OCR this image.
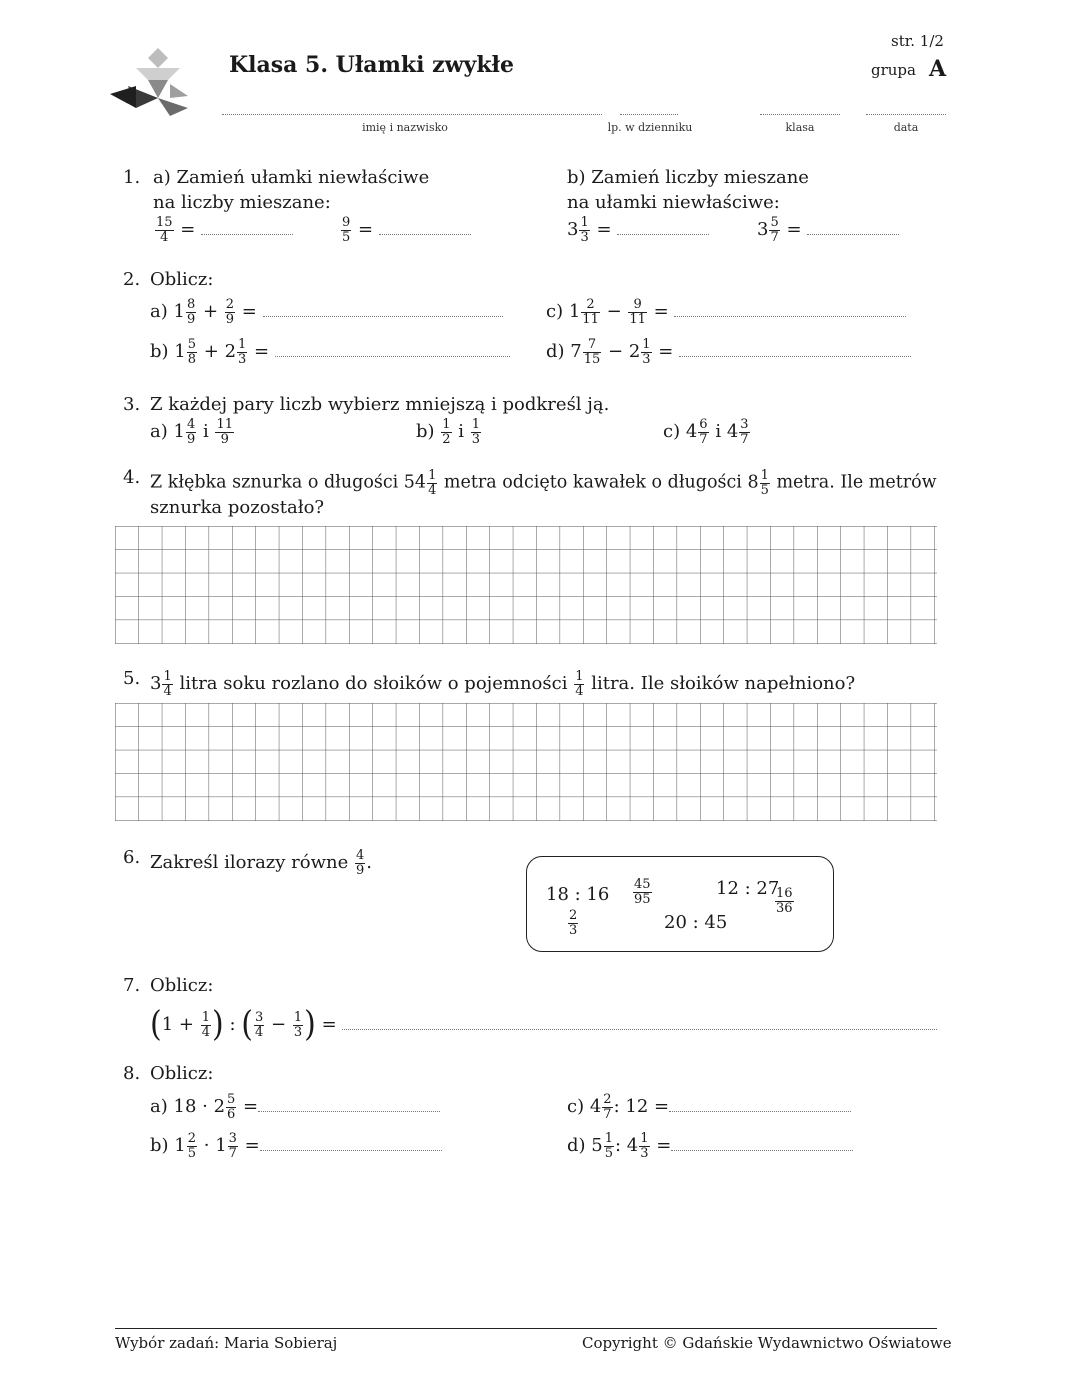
Klasa 5. Ułamki zwykłe
str. 1/2
grupa A
imię i nazwisko	lp. w dzienniku	klasa	data
1. a) Zamień ułamki niewłaściwe
na liczby mieszane:
b) Zamień liczby mieszane
na ułamki niewłaściwe:
$\frac{15}{4}$ =	$\frac{9}{5}$ =	$3 \frac{1}{3}$ =	$3 \frac{5}{7}$ =
2. Oblicz:
a) $1 \frac{8}{9} + \frac{2}{9}$ =
b) $1 \frac{5}{8} + 2 \frac{1}{3}$ =
c) $1 \frac{2}{11} - \frac{9}{11}$ =
d) $7 \frac{7}{15} - 2 \frac{1}{3}$ =
3. Z każdej pary liczb wybierz mniejszą i podkreśl ją.
a) $1 \frac{4}{9}$ i $\frac{11}{9}$	$b) \frac{1}{2}$ i $\frac{1}{3}$	c) $4 \frac{6}{7}$ i $4 \frac{3}{7}$
4. Z kłębka sznurka o długości $54 \frac{1}{4}$ metra odcięto kawałek o długości $8 \frac{1}{5}$ metra. Ile metrów
sznurka pozostało?
5. $3 \frac{1}{4}$ litra soku rozlano do słoików o pojemności $\frac{1}{4}$ litra. Ile słoików napełniono?
6. Zakreśl ilorazy równe $\frac{4}{9}$ .
18 : $16 \frac{45}{95}$	12 : 27
$\frac{16}{36}$
$\frac{2}{3}$	20 : 45
7. Oblicz:
($1 + \frac{1}{4}$ ) : ( $\frac{3}{4} - \frac{1}{3}$ ) =
8. Oblicz:
a) $18 \cdot 2 \frac{5}{6}$ =
b) $1 \frac{2}{5} \cdot 1 \frac{3}{7}$ =
c) $4 \frac{2}{7}$ : 12 =
d) $5 \frac{1}{5}$ : $4 \frac{1}{3}$ =
Wybór zadań: Maria Sobieraj	Copyright © Gdańskie Wydawnictwo Oświatowe
